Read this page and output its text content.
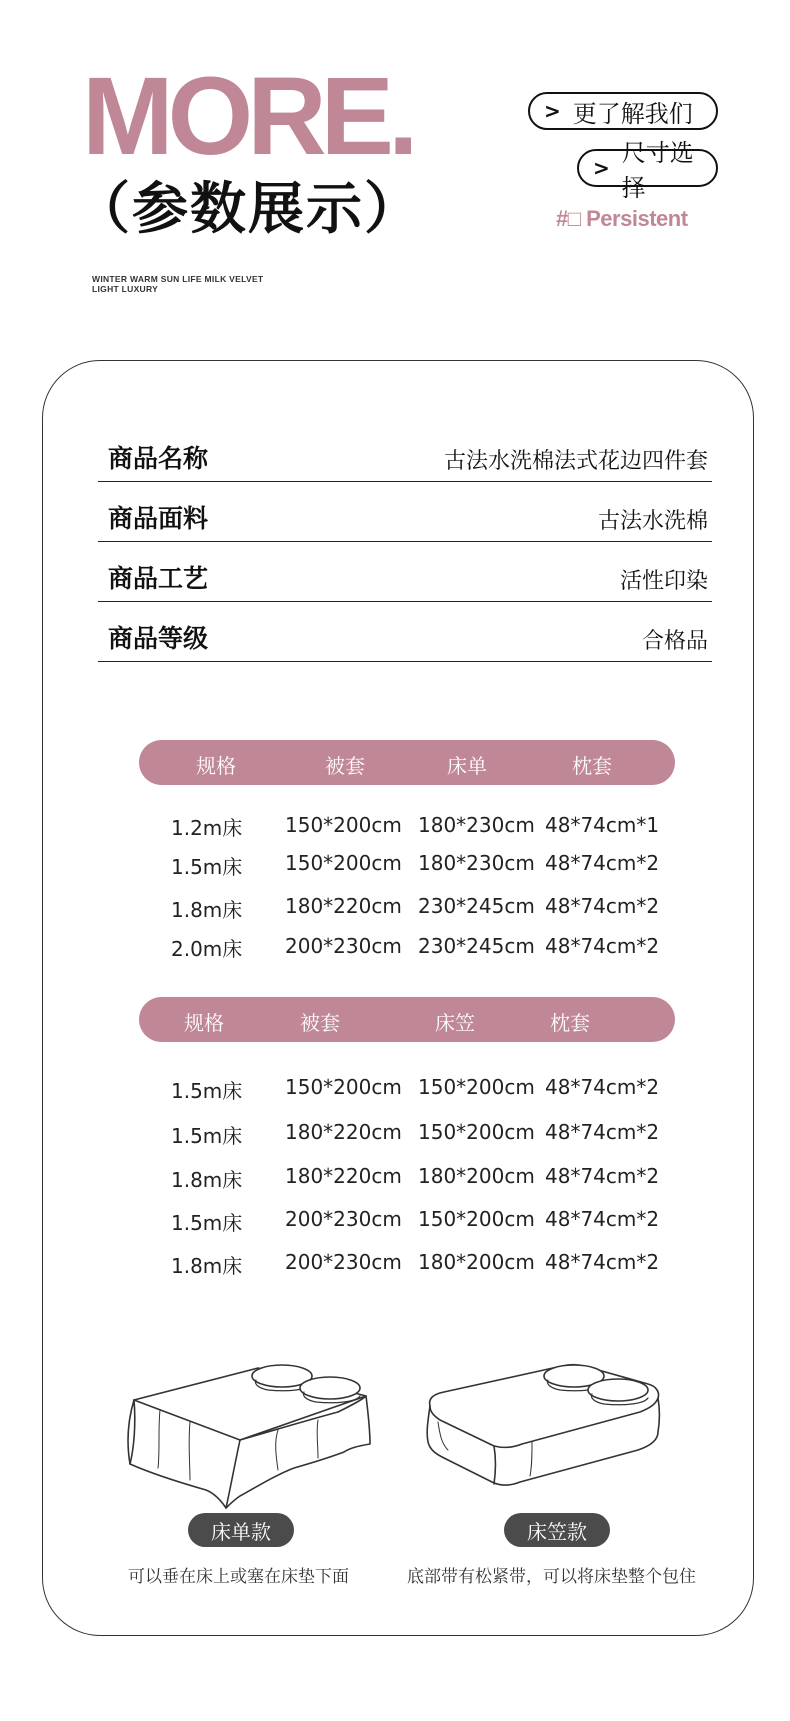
MORE.
（参数展示）
WINTER WARM SUN LIFE MILK VELVET
LIGHT LUXURY
> 更了解我们
>
尺寸选择
#□ Persistent
商品名称	古法水洗棉法式花边四件套
商品面料	古法水洗棉
商品工艺	活性印染
商品等级	合格品
规格	被套	床单	枕套
1.2m床 150*200cm 180*230cm 48*74cm*1
1.5m床 150*200cm 180*230cm 48*74cm*2
1.8m床 180*220cm 230*245cm 48*74cm*2
2.0m床 200*230cm 230*245cm 48*74cm*2
规格	被套	床笠	枕套
1.5m床 150*200cm 150*200cm 48*74cm*2
1.5m床 180*220cm 150*200cm 48*74cm*2
1.8m床 180*220cm 180*200cm 48*74cm*2
1.5m床 200*230cm 150*200cm 48*74cm*2
1.8m床 200*230cm 180*200cm 48*74cm*2
床单款
可以垂在床上或塞在床垫下面
床笠款
底部带有松紧带，可以将床垫整个包住
